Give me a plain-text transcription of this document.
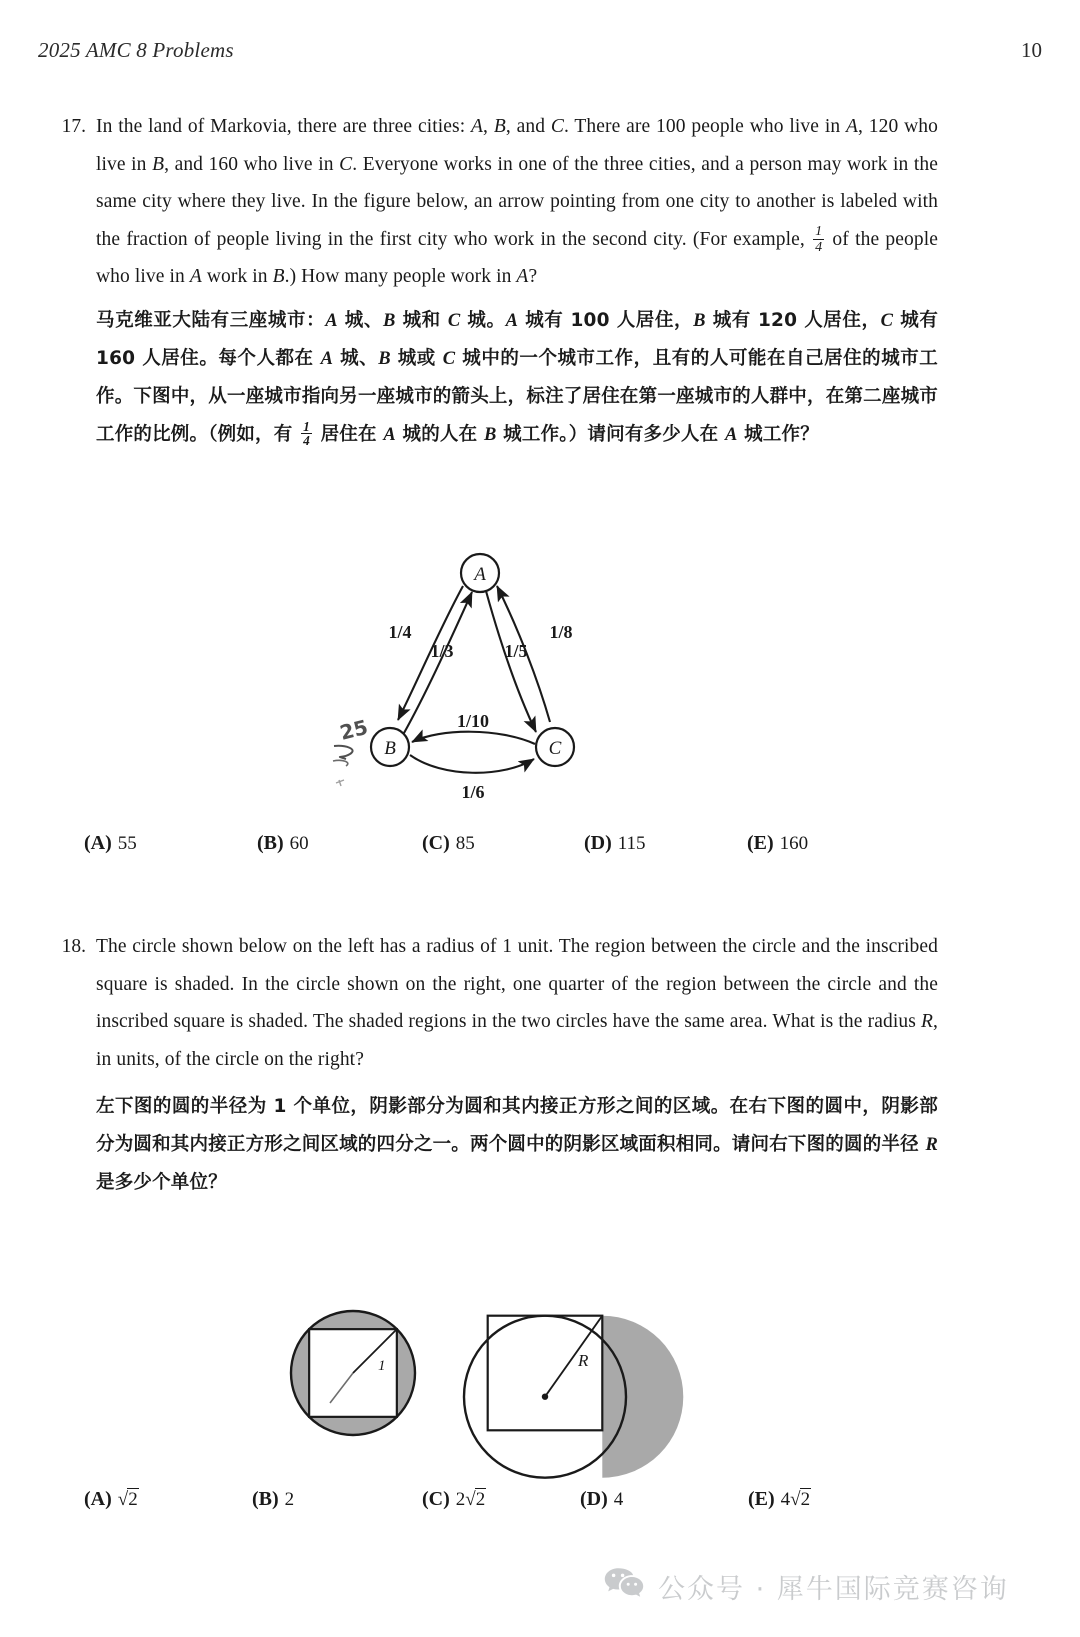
2025 AMC 8 Problems	10
17. In the land of Markovia, there are three cities: A, B, and C. There are 100 people who live in A, 120 who live in B, and 160 who live in C. Everyone works in one of the three cities, and a person may work in the same city where they live. In the figure below, an arrow pointing from one city to another is labeled with the fraction of people living in the first city who work in the second city. (For example, $\frac{1}{4}$ of the people who live in A work in B.) How many people work in A?
马克维亚大陆有三座城市：A 城、B 城和 C 城。A 城有 100 人居住，B 城有 120 人居住，C 城有 160 人居住。每个人都在 A 城、B 城或 C 城中的一个城市工作，且有的人可能在自己居住的城市工作。下图中，从一座城市指向另一座城市的箭头上，标注了居住在第一座城市的人群中，在第二座城市工作的比例。（例如，有 $\frac{1}{4}$ 居住在 A 城的人在 B 城工作。）请问有多少人在 A 城工作？
A
B	C
1/4
1/3	1/5
1/8
1/10
1/6
25
(A) 55	(B) 60	(C) 85	(D) 115	(E) 160
18. The circle shown below on the left has a radius of 1 unit. The region between the circle and the inscribed square is shaded. In the circle shown on the right, one quarter of the region between the circle and the inscribed square is shaded. The shaded regions in the two circles have the same area. What is the radius R, in units, of the circle on the right?
左下图的圆的半径为 1 个单位，阴影部分为圆和其内接正方形之间的区域。在右下图的圆中，阴影部分为圆和其内接正方形之间区域的四分之一。两个圆中的阴影区域面积相同。请问右下图的圆的半径 R 是多少个单位？
1	R
(A) √2	(B) 2	(C) 2√2	(D) 4	(E) 4√2
公众号 · 犀牛国际竞赛咨询
